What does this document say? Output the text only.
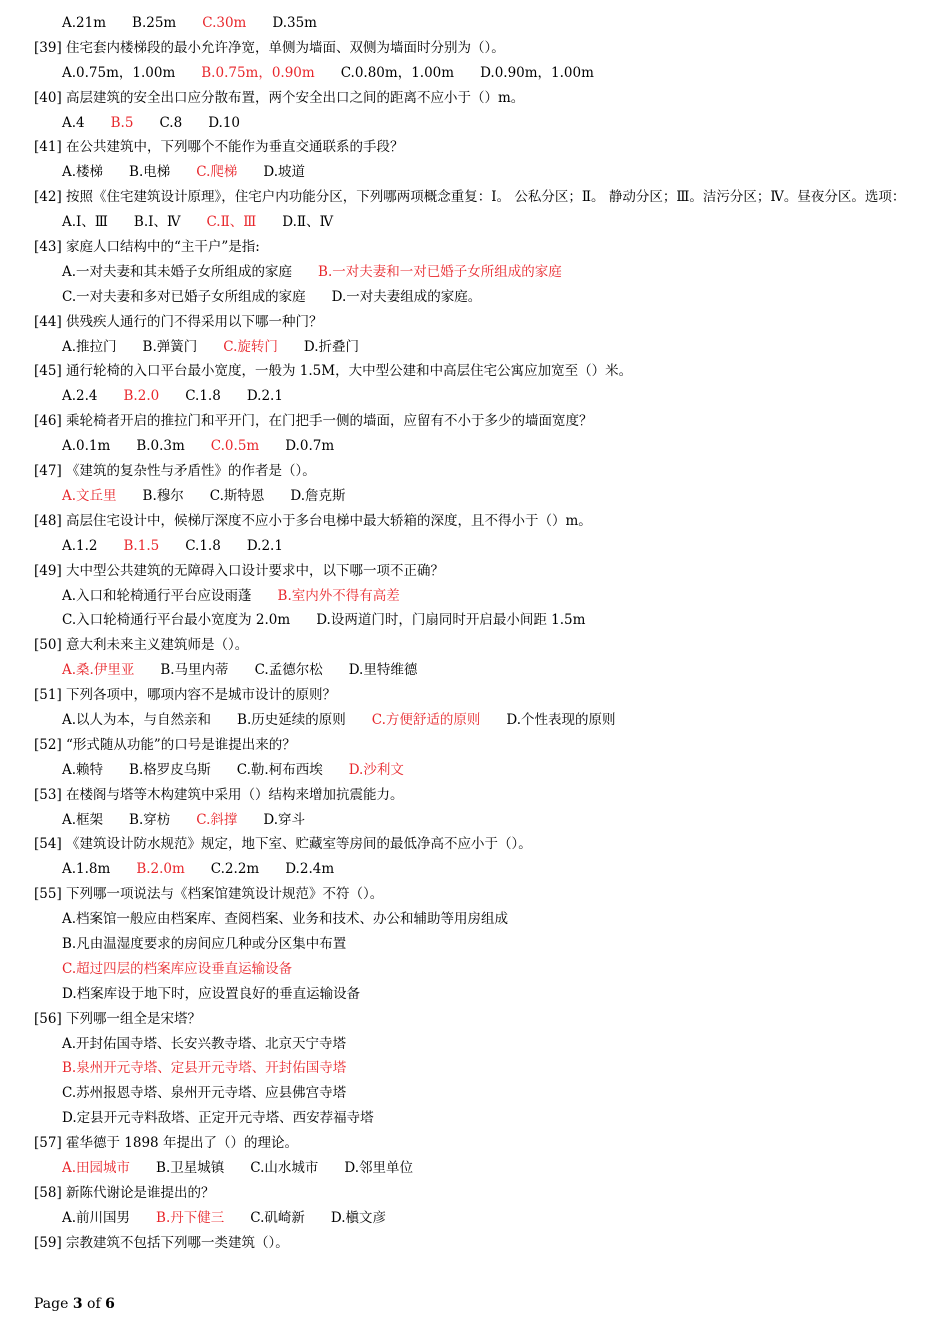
A.21m B.25m C.30m D.35m
[39] 住宅套内楼梯段的最小允许净宽，单侧为墙面、双侧为墙面时分别为（）。
A.0.75m，1.00m B.0.75m，0.90m C.0.80m，1.00m D.0.90m，1.00m
[40] 高层建筑的安全出口应分散布置，两个安全出口之间的距离不应小于（）m。
A.4 B.5 C.8 D.10
[41] 在公共建筑中，下列哪个不能作为垂直交通联系的手段？
A.楼梯 B.电梯 C.爬梯 D.坡道
[42] 按照《住宅建筑设计原理》，住宅户内功能分区，下列哪两项概念重复：Ⅰ。 公私分区；Ⅱ。 静动分区；Ⅲ。洁污分区；Ⅳ。昼夜分区。选项：
A.Ⅰ、Ⅲ B.Ⅰ、Ⅳ C.Ⅱ、Ⅲ D.Ⅱ、Ⅳ
[43] 家庭人口结构中的“主干户”是指:
A.一对夫妻和其未婚子女所组成的家庭 B.一对夫妻和一对已婚子女所组成的家庭
C.一对夫妻和多对已婚子女所组成的家庭 D.一对夫妻组成的家庭。
[44] 供残疾人通行的门不得采用以下哪一种门？
A.推拉门 B.弹簧门 C.旋转门 D.折叠门
[45] 通行轮椅的入口平台最小宽度，一般为 1.5M，大中型公建和中高层住宅公寓应加宽至（）米。
A.2.4 B.2.0 C.1.8 D.2.1
[46] 乘轮椅者开启的推拉门和平开门，在门把手一侧的墙面，应留有不小于多少的墙面宽度？
A.0.1m B.0.3m C.0.5m D.0.7m
[47] 《建筑的复杂性与矛盾性》的作者是（）。
A.文丘里 B.穆尔 C.斯特恩 D.詹克斯
[48] 高层住宅设计中，候梯厅深度不应小于多台电梯中最大轿箱的深度，且不得小于（）m。
A.1.2 B.1.5 C.1.8 D.2.1
[49] 大中型公共建筑的无障碍入口设计要求中，以下哪一项不正确？
A.入口和轮椅通行平台应设雨蓬 B.室内外不得有高差
C.入口轮椅通行平台最小宽度为 2.0m D.设两道门时，门扇同时开启最小间距 1.5m
[50] 意大利未来主义建筑师是（）。
A.桑.伊里亚 B.马里内蒂 C.孟德尔松 D.里特维德
[51] 下列各项中，哪项内容不是城市设计的原则？
A.以人为本，与自然亲和 B.历史延续的原则 C.方便舒适的原则 D.个性表现的原则
[52] “形式随从功能”的口号是谁提出来的？
A.赖特 B.格罗皮乌斯 C.勒.柯布西埃 D.沙利文
[53] 在楼阁与塔等木构建筑中采用（）结构来增加抗震能力。
A.框架 B.穿枋 C.斜撑 D.穿斗
[54] 《建筑设计防水规范》规定，地下室、贮藏室等房间的最低净高不应小于（）。
A.1.8m B.2.0m C.2.2m D.2.4m
[55] 下列哪一项说法与《档案馆建筑设计规范》不符（）。
A.档案馆一般应由档案库、查阅档案、业务和技术、办公和辅助等用房组成
B.凡由温湿度要求的房间应几种或分区集中布置
C.超过四层的档案库应设垂直运输设备
D.档案库设于地下时，应设置良好的垂直运输设备
[56] 下列哪一组全是宋塔？
A.开封佑国寺塔、长安兴教寺塔、北京天宁寺塔
B.泉州开元寺塔、定县开元寺塔、开封佑国寺塔
C.苏州报恩寺塔、泉州开元寺塔、应县佛宫寺塔
D.定县开元寺料敌塔、正定开元寺塔、西安荐福寺塔
[57] 霍华德于 1898 年提出了（）的理论。
A.田园城市 B.卫星城镇 C.山水城市 D.邻里单位
[58] 新陈代谢论是谁提出的？
A.前川国男 B.丹下健三 C.矶崎新 D.槇文彦
[59] 宗教建筑不包括下列哪一类建筑（）。
Page 3 of 6
